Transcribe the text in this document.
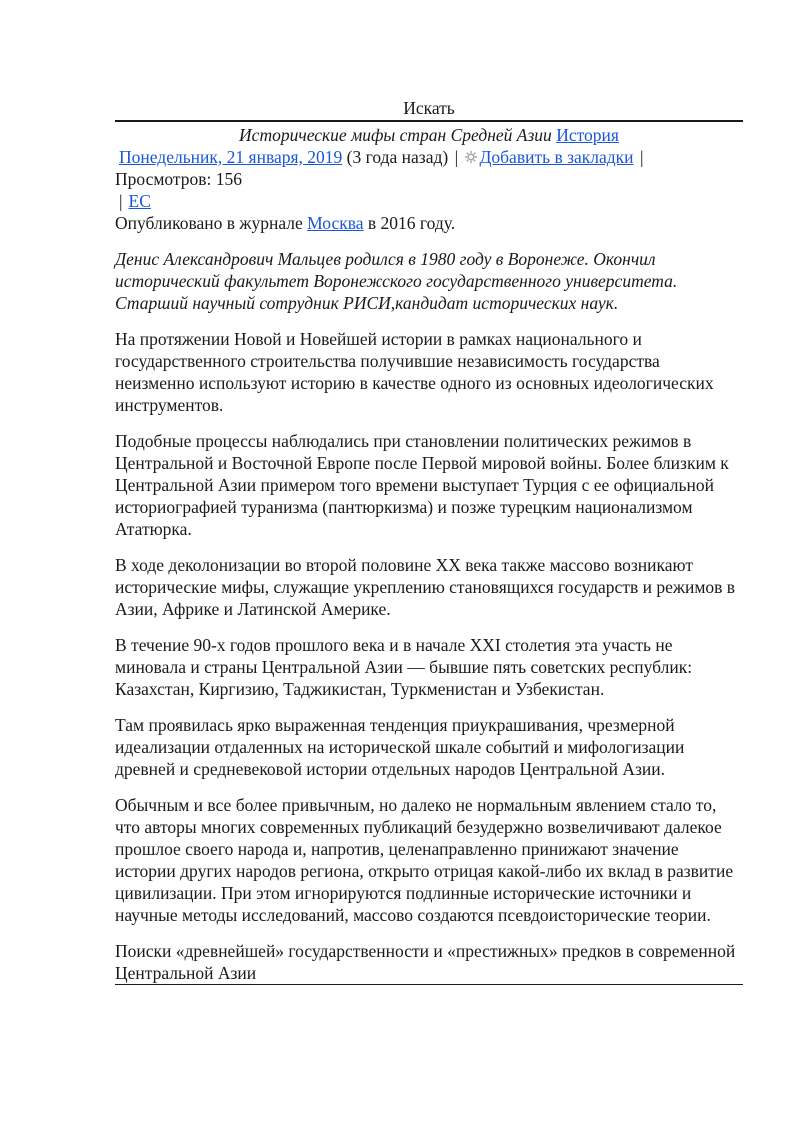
Искать
Исторические мифы стран Средней Азии История
Понедельник, 21 января, 2019 (3 года назад) | Добавить в закладки |
Просмотров: 156
| ЕС

Опубликовано в журнале Москва в 2016 году.

Денис Александрович Мальцев родился в 1980 году в Воронеже. Окончил исторический факультет Воронежского государственного университета. Старший научный сотрудник РИСИ,кандидат исторических наук.

На протяжении Новой и Новейшей истории в рамках национального и государственного строительства получившие независимость государства неизменно используют историю в качестве одного из основных идеологических инструментов.

Подобные процессы наблюдались при становлении политических режимов в Центральной и Восточной Европе после Первой мировой войны. Более близким к Центральной Азии примером того времени выступает Турция с ее официальной историографией туранизма (пантюркизма) и позже турецким национализмом Ататюрка.

В ходе деколонизации во второй половине XX века также массово возникают исторические мифы, служащие укреплению становящихся государств и режимов в Азии, Африке и Латинской Америке.

В течение 90-х годов прошлого века и в начале XXI столетия эта участь не миновала и страны Центральной Азии — бывшие пять советских республик: Казахстан, Киргизию, Таджикистан, Туркменистан и Узбекистан.

Там проявилась ярко выраженная тенденция приукрашивания, чрезмерной идеализации отдаленных на исторической шкале событий и мифологизации древней и средневековой истории отдельных народов Центральной Азии.

Обычным и все более привычным, но далеко не нормальным явлением стало то, что авторы многих современных публикаций безудержно возвеличивают далекое прошлое своего народа и, напротив, целенаправленно принижают значение истории других народов региона, открыто отрицая какой-либо их вклад в развитие цивилизации. При этом игнорируются подлинные исторические источники и научные методы исследований, массово создаются псевдоисторические теории.

Поиски «древнейшей» государственности и «престижных» предков в современной Центральной Азии
